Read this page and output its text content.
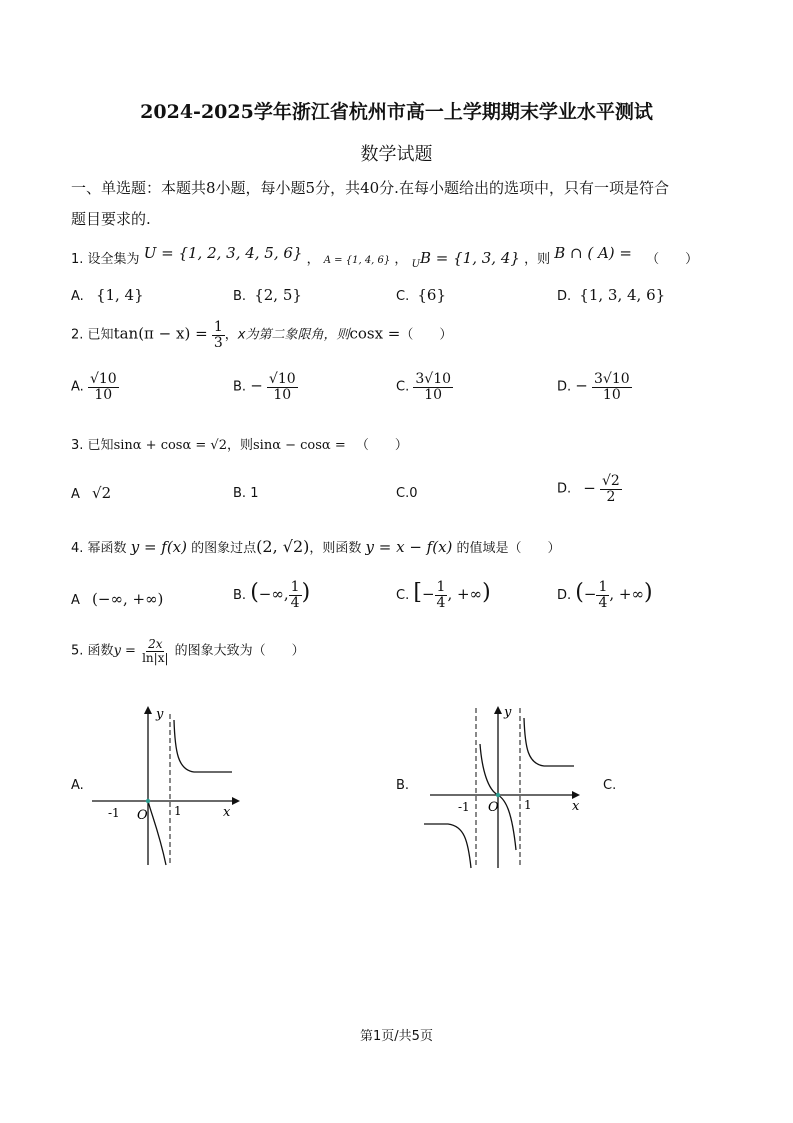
2024-2025学年浙江省杭州市高一上学期期末学业水平测试
数学试题
一、单选题：本题共8小题，每小题5分，共40分.在每小题给出的选项中，只有一项是符合
题目要求的.
1. 设全集为 U = {1, 2, 3, 4, 5, 6} ， A = {1, 4, 6} ， $_U$B = {1, 3, 4} ，则 B ∩ ( A) = （　　）
A. {1, 4}	B. {2, 5}	C. {6}	D. {1, 3, 4, 6}
2. 已知$\tan(\pi - x) = \frac{1}{3}$ ，x为第二象限角，则cosx =（　　）
A. $\frac{√10}{10}$	B. − $\frac{√10}{10}$	C. $\frac{3√10}{10}$	D. − $\frac{3√10}{10}$
3. 已知sinα + cosα = √2，则sinα − cosα = （　　）
A √2	B. 1	C.0	D. − $\frac{√2}{2}$
4. 幂函数 y = f(x) 的图象过点(2, √2)，则函数 y = x − f(x) 的值域是（　　）
A (−∞, +∞)	B. (−∞, $\frac{1}{4}$ )	C. [− $\frac{1}{4}$ , +∞)	D. (− $\frac{1}{4}$ , +∞)
5. 函数$y = \frac{2x}{\ln|x|}$ 的图象大致为（　　）
A.	B.	C.
y
x
O
-1	1
y
x
O
-1	1
第1页/共5页
